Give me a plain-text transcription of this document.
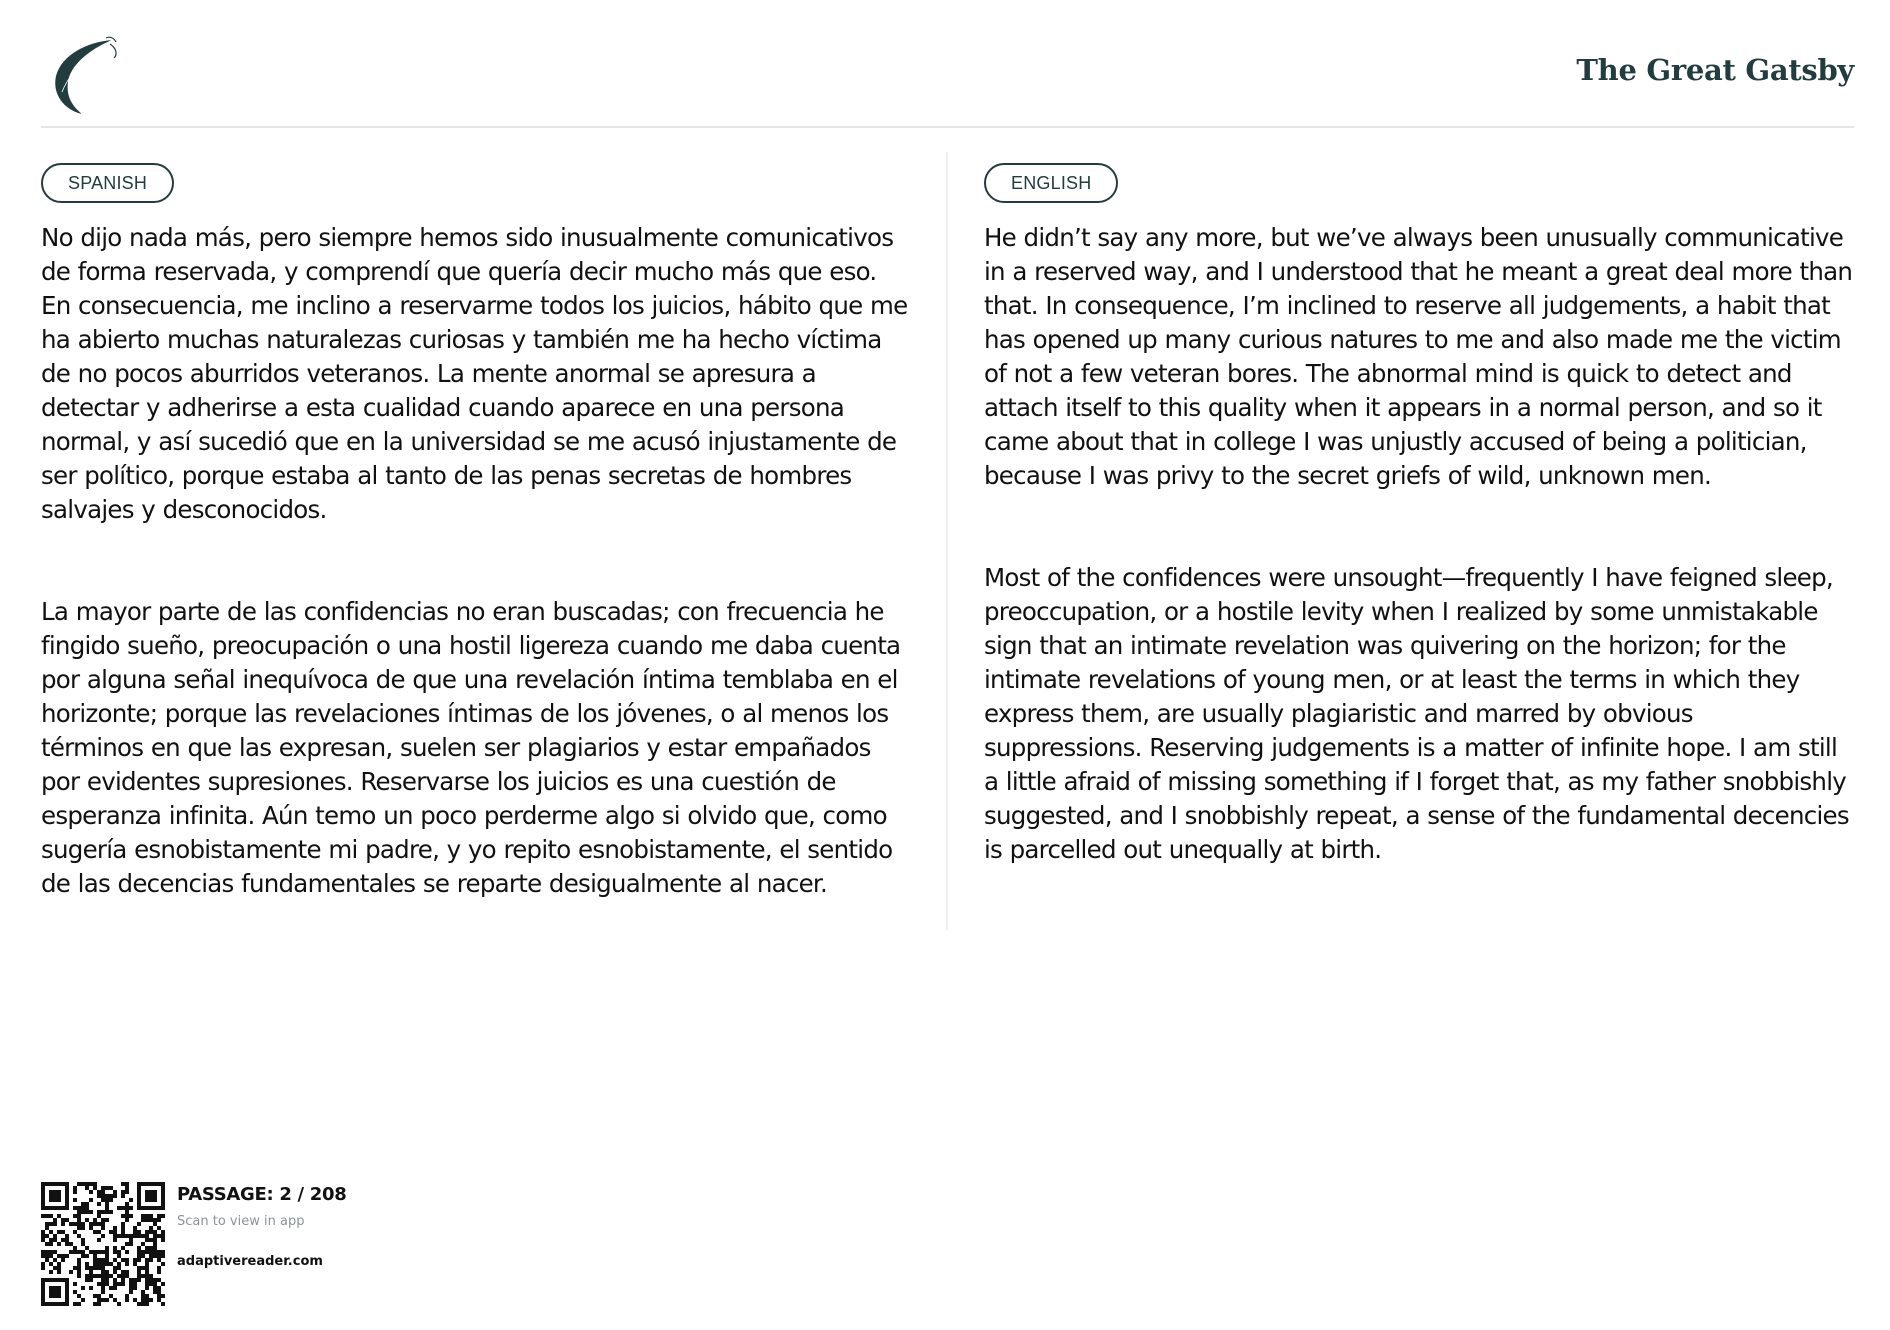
The Great Gatsby
SPANISH

No dijo nada más, pero siempre hemos sido inusualmente comunicativos de forma reservada, y comprendí que quería decir mucho más que eso. En consecuencia, me inclino a reservarme todos los juicios, hábito que me ha abierto muchas naturalezas curiosas y también me ha hecho víctima de no pocos aburridos veteranos. La mente anormal se apresura a detectar y adherirse a esta cualidad cuando aparece en una persona normal, y así sucedió que en la universidad se me acusó injustamente de ser político, porque estaba al tanto de las penas secretas de hombres salvajes y desconocidos.

La mayor parte de las confidencias no eran buscadas; con frecuencia he fingido sueño, preocupación o una hostil ligereza cuando me daba cuenta por alguna señal inequívoca de que una revelación íntima temblaba en el horizonte; porque las revelaciones íntimas de los jóvenes, o al menos los términos en que las expresan, suelen ser plagiarios y estar empañados por evidentes supresiones. Reservarse los juicios es una cuestión de esperanza infinita. Aún temo un poco perderme algo si olvido que, como sugería esnobistamente mi padre, y yo repito esnobistamente, el sentido de las decencias fundamentales se reparte desigualmente al nacer.

ENGLISH

He didn’t say any more, but we’ve always been unusually communicative in a reserved way, and I understood that he meant a great deal more than that. In consequence, I’m inclined to reserve all judgements, a habit that has opened up many curious natures to me and also made me the victim of not a few veteran bores. The abnormal mind is quick to detect and attach itself to this quality when it appears in a normal person, and so it came about that in college I was unjustly accused of being a politician, because I was privy to the secret griefs of wild, unknown men.

Most of the confidences were unsought—frequently I have feigned sleep, preoccupation, or a hostile levity when I realized by some unmistakable sign that an intimate revelation was quivering on the horizon; for the intimate revelations of young men, or at least the terms in which they express them, are usually plagiaristic and marred by obvious suppressions. Reserving judgements is a matter of infinite hope. I am still a little afraid of missing something if I forget that, as my father snobbishly suggested, and I snobbishly repeat, a sense of the fundamental decencies is parcelled out unequally at birth.

PASSAGE: 2 / 208
Scan to view in app
adaptivereader.com
